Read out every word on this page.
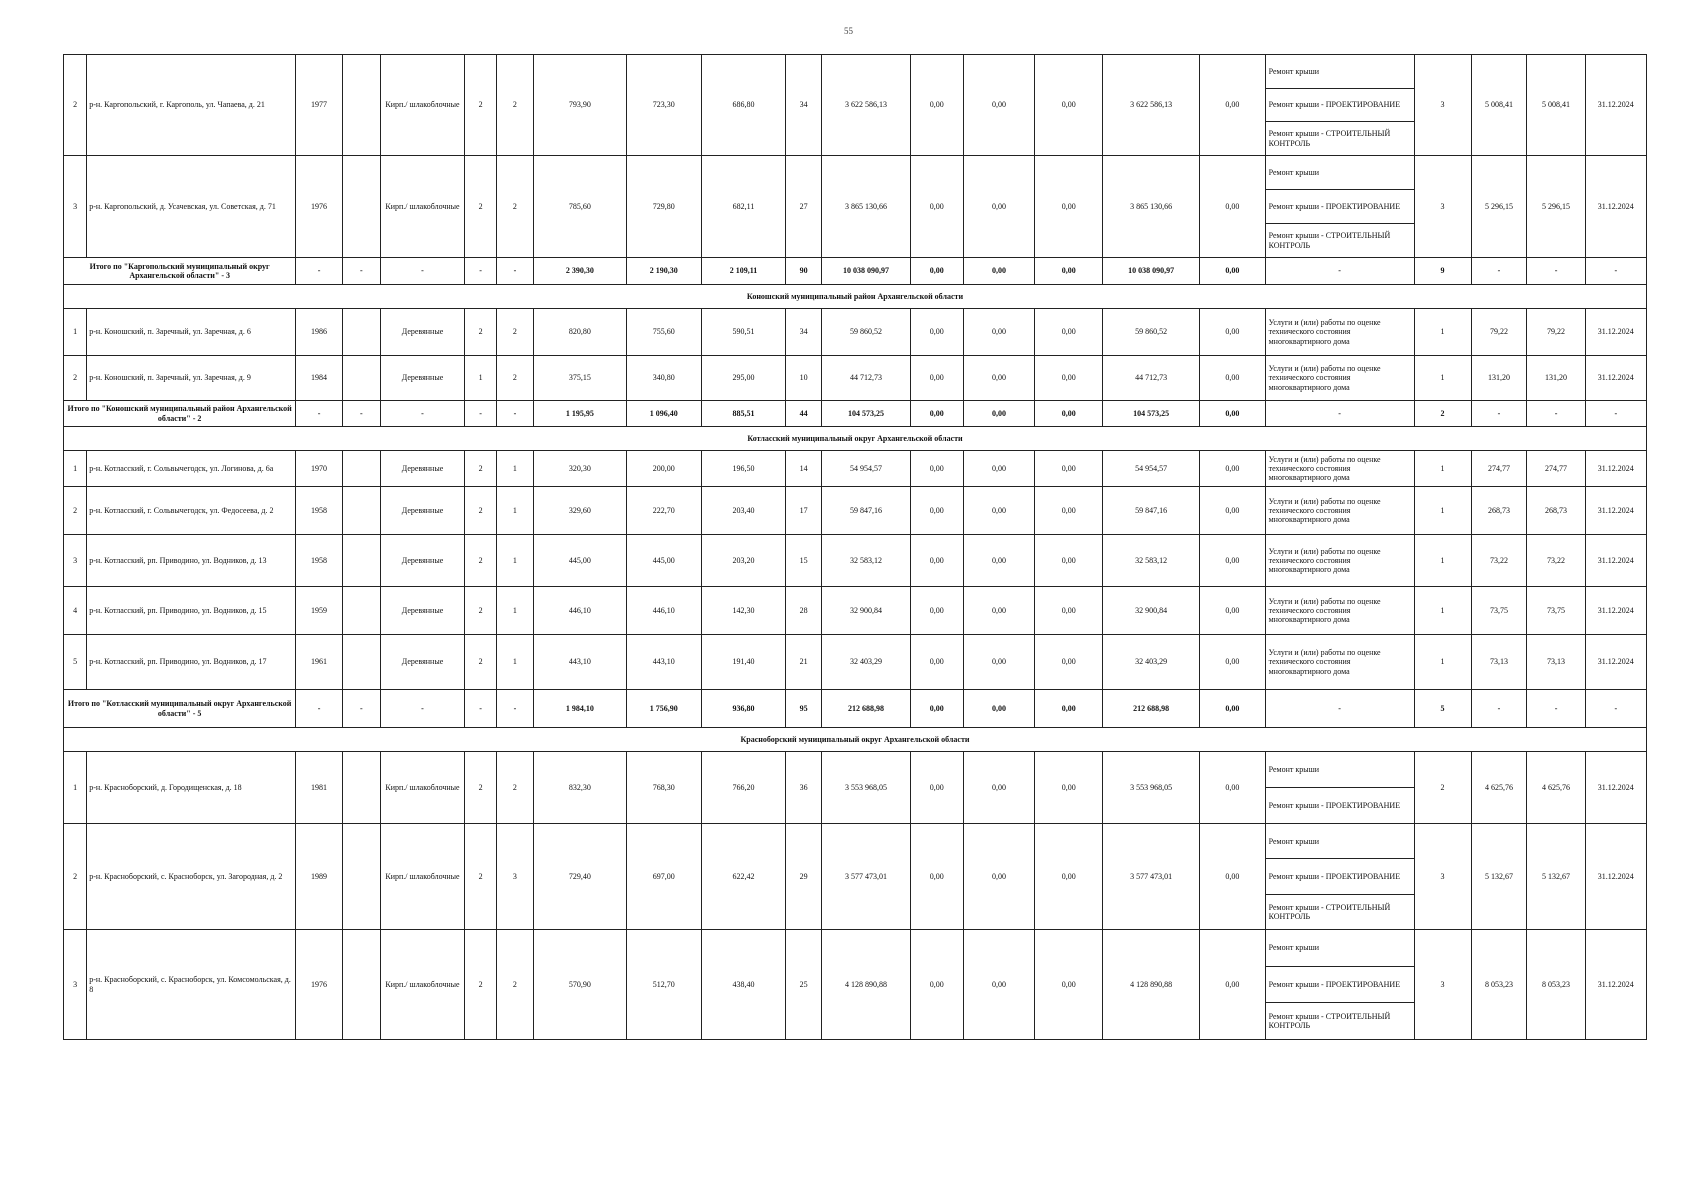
55
2	р-н. Каргопольский, г. Каргополь, ул. Чапаева, д. 21	1977		Кирп./ шлакоблочные	2	2	793,90	723,30	686,80	34	3 622 586,13	0,00	0,00	0,00	3 622 586,13	0,00	Ремонт крыши
Ремонт крыши - ПРОЕКТИРОВАНИЕ
Ремонт крыши - СТРОИТЕЛЬНЫЙ КОНТРОЛЬ	3	5 008,41	5 008,41	31.12.2024
3	р-н. Каргопольский, д. Усачевская, ул. Советская, д. 71	1976		Кирп./ шлакоблочные	2	2	785,60	729,80	682,11	27	3 865 130,66	0,00	0,00	0,00	3 865 130,66	0,00	Ремонт крыши
Ремонт крыши - ПРОЕКТИРОВАНИЕ
Ремонт крыши - СТРОИТЕЛЬНЫЙ КОНТРОЛЬ	3	5 296,15	5 296,15	31.12.2024
Итого по "Каргопольский муниципальный округ Архангельской области" - 3		-	-	-	-	-	2 390,30	2 190,30	2 109,11	90	10 038 090,97	0,00	0,00	0,00	10 038 090,97	0,00	-	9	-	-	-
Коношский муниципальный район Архангельской области																					
1	р-н. Коношский, п. Заречный, ул. Заречная, д. 6	1986		Деревянные	2	2	820,80	755,60	590,51	34	59 860,52	0,00	0,00	0,00	59 860,52	0,00	Услуги и (или) работы по оценке технического состояния многоквартирного дома	1	79,22	79,22	31.12.2024
2	р-н. Коношский, п. Заречный, ул. Заречная, д. 9	1984		Деревянные	1	2	375,15	340,80	295,00	10	44 712,73	0,00	0,00	0,00	44 712,73	0,00	Услуги и (или) работы по оценке технического состояния многоквартирного дома	1	131,20	131,20	31.12.2024
Итого по "Коношский муниципальный район Архангельской области" - 2		-	-	-	-	-	1 195,95	1 096,40	885,51	44	104 573,25	0,00	0,00	0,00	104 573,25	0,00	-	2	-	-	-
Котласский муниципальный округ Архангельской области																					
1	р-н. Котласский, г. Сольвычегодск, ул. Логинова, д. 6а	1970		Деревянные	2	1	320,30	200,00	196,50	14	54 954,57	0,00	0,00	0,00	54 954,57	0,00	Услуги и (или) работы по оценке технического состояния многоквартирного дома	1	274,77	274,77	31.12.2024
2	р-н. Котласский, г. Сольвычегодск, ул. Федосеева, д. 2	1958		Деревянные	2	1	329,60	222,70	203,40	17	59 847,16	0,00	0,00	0,00	59 847,16	0,00	Услуги и (или) работы по оценке технического состояния многоквартирного дома	1	268,73	268,73	31.12.2024
3	р-н. Котласский, рп. Приводино, ул. Водников, д. 13	1958		Деревянные	2	1	445,00	445,00	203,20	15	32 583,12	0,00	0,00	0,00	32 583,12	0,00	Услуги и (или) работы по оценке технического состояния многоквартирного дома	1	73,22	73,22	31.12.2024
4	р-н. Котласский, рп. Приводино, ул. Водников, д. 15	1959		Деревянные	2	1	446,10	446,10	142,30	28	32 900,84	0,00	0,00	0,00	32 900,84	0,00	Услуги и (или) работы по оценке технического состояния многоквартирного дома	1	73,75	73,75	31.12.2024
5	р-н. Котласский, рп. Приводино, ул. Водников, д. 17	1961		Деревянные	2	1	443,10	443,10	191,40	21	32 403,29	0,00	0,00	0,00	32 403,29	0,00	Услуги и (или) работы по оценке технического состояния многоквартирного дома	1	73,13	73,13	31.12.2024
Итого по "Котласский муниципальный округ Архангельской области" - 5		-	-	-	-	-	1 984,10	1 756,90	936,80	95	212 688,98	0,00	0,00	0,00	212 688,98	0,00	-	5	-	-	-
Красноборский муниципальный округ Архангельской области																					
1	р-н. Красноборский, д. Городищенская, д. 18	1981		Кирп./ шлакоблочные	2	2	832,30	768,30	766,20	36	3 553 968,05	0,00	0,00	0,00	3 553 968,05	0,00	Ремонт крыши
Ремонт крыши - ПРОЕКТИРОВАНИЕ	2	4 625,76	4 625,76	31.12.2024
2	р-н. Красноборский, с. Красноборск, ул. Загородная, д. 2	1989		Кирп./ шлакоблочные	2	3	729,40	697,00	622,42	29	3 577 473,01	0,00	0,00	0,00	3 577 473,01	0,00	Ремонт крыши
Ремонт крыши - ПРОЕКТИРОВАНИЕ
Ремонт крыши - СТРОИТЕЛЬНЫЙ КОНТРОЛЬ	3	5 132,67	5 132,67	31.12.2024
3	р-н. Красноборский, с. Красноборск, ул. Комсомольская, д. 8	1976		Кирп./ шлакоблочные	2	2	570,90	512,70	438,40	25	4 128 890,88	0,00	0,00	0,00	4 128 890,88	0,00	Ремонт крыши
Ремонт крыши - ПРОЕКТИРОВАНИЕ
Ремонт крыши - СТРОИТЕЛЬНЫЙ КОНТРОЛЬ	3	8 053,23	8 053,23	31.12.2024
